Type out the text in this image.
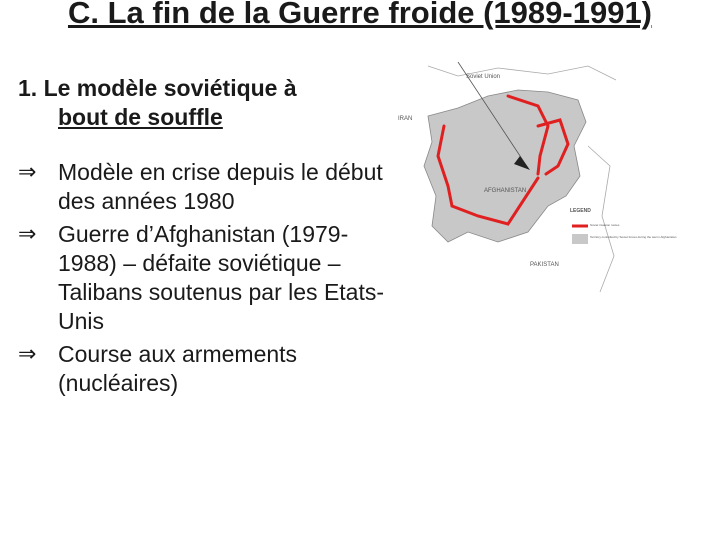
C. La fin de la Guerre froide (1989-1991)

1. Le modèle soviétique à
bout de souffle

⇒ Modèle en crise depuis le début des années 1980
⇒ Guerre d’Afghanistan (1979-1988) – défaite soviétique – Talibans soutenus par les Etats-Unis
⇒ Course aux armements (nucléaires)
Soviet Union
IRAN
AFGHANISTAN
PAKISTAN
LEGEND
Soviet invasion routes
Territory controlled by Soviet forces during the war in Afghanistan
